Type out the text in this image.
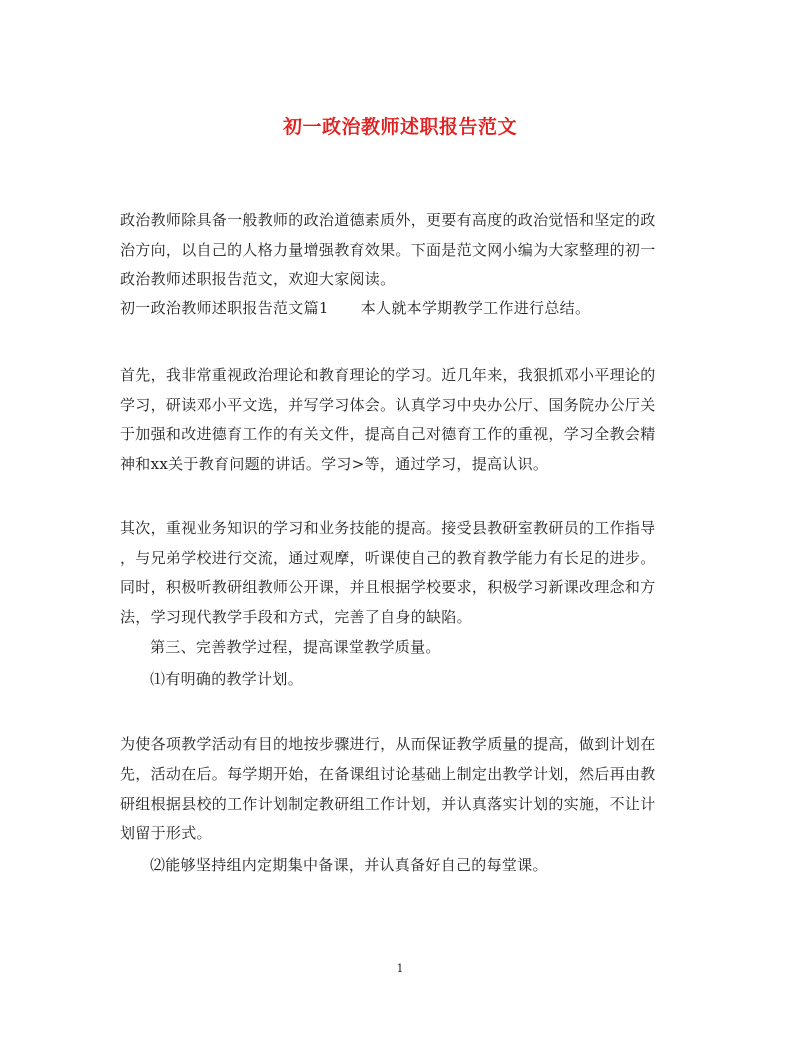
初一政治教师述职报告范文
政治教师除具备一般教师的政治道德素质外，更要有高度的政治觉悟和坚定的政
治方向，以自己的人格力量增强教育效果。下面是范文网小编为大家整理的初一
政治教师述职报告范文，欢迎大家阅读。
初一政治教师述职报告范文篇1 本人就本学期教学工作进行总结。
首先，我非常重视政治理论和教育理论的学习。近几年来，我狠抓邓小平理论的
学习，研读邓小平文选，并写学习体会。认真学习中央办公厅、国务院办公厅关
于加强和改进德育工作的有关文件，提高自己对德育工作的重视，学习全教会精
神和xx关于教育问题的讲话。学习>等，通过学习，提高认识。
其次，重视业务知识的学习和业务技能的提高。接受县教研室教研员的工作指导
，与兄弟学校进行交流，通过观摩，听课使自己的教育教学能力有长足的进步。
同时，积极听教研组教师公开课，并且根据学校要求，积极学习新课改理念和方
法，学习现代教学手段和方式，完善了自身的缺陷。
第三、完善教学过程，提高课堂教学质量。
⑴有明确的教学计划。
为使各项教学活动有目的地按步骤进行，从而保证教学质量的提高，做到计划在
先，活动在后。每学期开始，在备课组讨论基础上制定出教学计划，然后再由教
研组根据县校的工作计划制定教研组工作计划，并认真落实计划的实施，不让计
划留于形式。
⑵能够坚持组内定期集中备课，并认真备好自己的每堂课。
1
